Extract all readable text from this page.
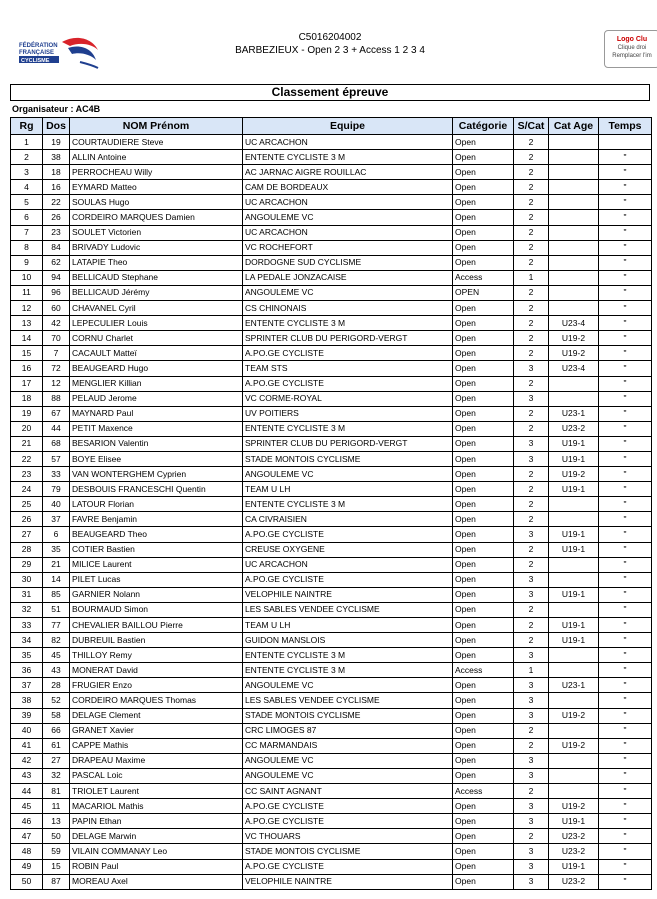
FÉDÉRATION
FRANÇAISE
CYCLISME
Logo Clu
Clique droi
Remplacer l'im
C5016204002
BARBEZIEUX - Open 2 3 + Access 1 2 3 4
Classement épreuve
Organisateur : AC4B
Rg	Dos	NOM Prénom	Equipe	Catégorie	S/Cat	Cat Age	Temps
1	19	COURTAUDIERE Steve	UC ARCACHON	Open	2		
2	38	ALLIN Antoine	ENTENTE CYCLISTE 3 M	Open	2		"
3	18	PERROCHEAU Willy	AC JARNAC AIGRE ROUILLAC	Open	2		"
4	16	EYMARD Matteo	CAM DE BORDEAUX	Open	2		"
5	22	SOULAS Hugo	UC ARCACHON	Open	2		"
6	26	CORDEIRO MARQUES Damien	ANGOULEME VC	Open	2		"
7	23	SOULET Victorien	UC ARCACHON	Open	2		"
8	84	BRIVADY Ludovic	VC ROCHEFORT	Open	2		"
9	62	LATAPIE Theo	DORDOGNE SUD CYCLISME	Open	2		"
10	94	BELLICAUD Stephane	LA PEDALE JONZACAISE	Access	1		"
11	96	BELLICAUD Jérémy	ANGOULEME VC	OPEN	2		"
12	60	CHAVANEL Cyril	CS CHINONAIS	Open	2		"
13	42	LEPECULIER Louis	ENTENTE CYCLISTE 3 M	Open	2	U23-4	"
14	70	CORNU Charlet	SPRINTER CLUB DU PERIGORD-VERGT	Open	2	U19-2	"
15	7	CACAULT Matteï	A.PO.GE CYCLISTE	Open	2	U19-2	"
16	72	BEAUGEARD Hugo	TEAM STS	Open	3	U23-4	"
17	12	MENGLIER Killian	A.PO.GE CYCLISTE	Open	2		"
18	88	PELAUD Jerome	VC CORME-ROYAL	Open	3		"
19	67	MAYNARD Paul	UV POITIERS	Open	2	U23-1	"
20	44	PETIT Maxence	ENTENTE CYCLISTE 3 M	Open	2	U23-2	"
21	68	BESARION Valentin	SPRINTER CLUB DU PERIGORD-VERGT	Open	3	U19-1	"
22	57	BOYE Elisee	STADE MONTOIS CYCLISME	Open	3	U19-1	"
23	33	VAN WONTERGHEM Cyprien	ANGOULEME VC	Open	2	U19-2	"
24	79	DESBOUIS FRANCESCHI Quentin	TEAM U LH	Open	2	U19-1	"
25	40	LATOUR Florian	ENTENTE CYCLISTE 3 M	Open	2		"
26	37	FAVRE Benjamin	CA CIVRAISIEN	Open	2		"
27	6	BEAUGEARD Theo	A.PO.GE CYCLISTE	Open	3	U19-1	"
28	35	COTIER Bastien	CREUSE OXYGENE	Open	2	U19-1	"
29	21	MILICE Laurent	UC ARCACHON	Open	2		"
30	14	PILET Lucas	A.PO.GE CYCLISTE	Open	3		"
31	85	GARNIER Nolann	VELOPHILE NAINTRE	Open	3	U19-1	"
32	51	BOURMAUD Simon	LES SABLES VENDEE CYCLISME	Open	2		"
33	77	CHEVALIER BAILLOU Pierre	TEAM U LH	Open	2	U19-1	"
34	82	DUBREUIL Bastien	GUIDON MANSLOIS	Open	2	U19-1	"
35	45	THILLOY Remy	ENTENTE CYCLISTE 3 M	Open	3		"
36	43	MONERAT David	ENTENTE CYCLISTE 3 M	Access	1		"
37	28	FRUGIER Enzo	ANGOULEME VC	Open	3	U23-1	"
38	52	CORDEIRO MARQUES Thomas	LES SABLES VENDEE CYCLISME	Open	3		"
39	58	DELAGE Clement	STADE MONTOIS CYCLISME	Open	3	U19-2	"
40	66	GRANET Xavier	CRC LIMOGES 87	Open	2		"
41	61	CAPPE Mathis	CC MARMANDAIS	Open	2	U19-2	"
42	27	DRAPEAU Maxime	ANGOULEME VC	Open	3		"
43	32	PASCAL Loic	ANGOULEME VC	Open	3		"
44	81	TRIOLET Laurent	CC SAINT AGNANT	Access	2		"
45	11	MACARIOL Mathis	A.PO.GE CYCLISTE	Open	3	U19-2	"
46	13	PAPIN Ethan	A.PO.GE CYCLISTE	Open	3	U19-1	"
47	50	DELAGE Marwin	VC THOUARS	Open	2	U23-2	"
48	59	VILAIN COMMANAY Leo	STADE MONTOIS CYCLISME	Open	3	U23-2	"
49	15	ROBIN Paul	A.PO.GE CYCLISTE	Open	3	U19-1	"
50	87	MOREAU Axel	VELOPHILE NAINTRE	Open	3	U23-2	"
